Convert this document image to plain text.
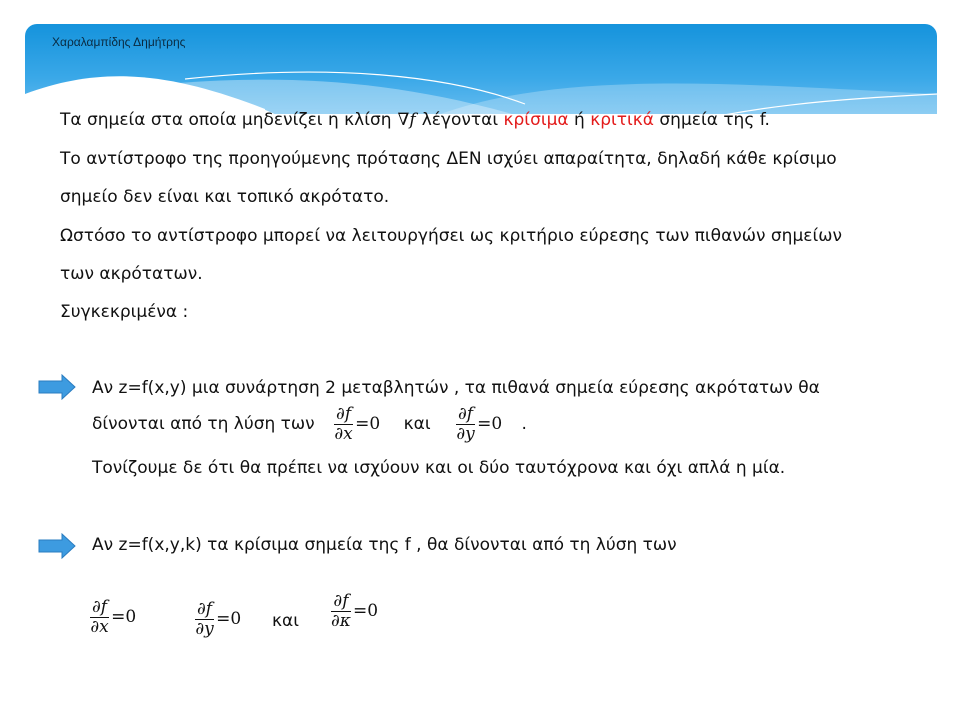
Χαραλαμπίδης Δημήτρης
Τα σημεία στα οποία μηδενίζει η κλίση ∇f λέγονται κρίσιμα ή κριτικά σημεία της f.
Το αντίστροφο της προηγούμενης πρότασης ΔΕΝ ισχύει απαραίτητα, δηλαδή κάθε κρίσιμο
σημείο δεν είναι και τοπικό ακρότατο.
Ωστόσο το αντίστροφο μπορεί να λειτουργήσει ως κριτήριο εύρεσης των πιθανών σημείων
των ακρότατων.
Συγκεκριμένα :
Αν z=f(x,y) μια συνάρτηση 2 μεταβλητών , τα πιθανά σημεία εύρεσης ακρότατων θα
δίνονται από τη λύση των $\frac{\partial f}{\partial x} =0$ και $\frac{\partial f}{\partial y} =0$ .
Τονίζουμε δε ότι θα πρέπει να ισχύουν και οι δύο ταυτόχρονα και όχι απλά η μία.
Αν z=f(x,y,k) τα κρίσιμα σημεία της f , θα δίνονται από τη λύση των
$\frac{\partial f}{\partial x} =0$	$\frac{\partial f}{\partial y} =0$ και $\frac{\partial f}{\partial\kappa} =0$
